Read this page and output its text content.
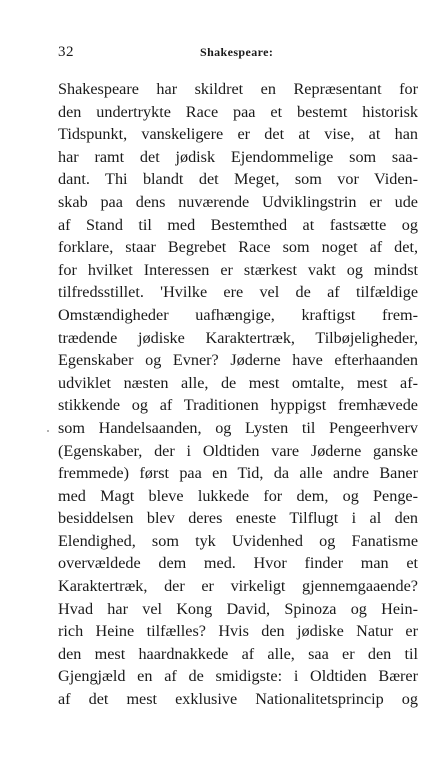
32	Shakespeare:

Shakespeare har skildret en Repræsentant for
den undertrykte Race paa et bestemt historisk
Tidspunkt, vanskeligere er det at vise, at han
har ramt det jødisk Ejendommelige som saa-
dant. Thi blandt det Meget, som vor Viden-
skab paa dens nuværende Udviklingstrin er ude
af Stand til med Bestemthed at fastsætte og
forklare, staar Begrebet Race som noget af det,
for hvilket Interessen er stærkest vakt og mindst
tilfredsstillet. 'Hvilke ere vel de af tilfældige
Omstændigheder uafhængige, kraftigst frem-
trædende jødiske Karaktertræk, Tilbøjeligheder,
Egenskaber og Evner? Jøderne have efterhaanden
udviklet næsten alle, de mest omtalte, mest af-
stikkende og af Traditionen hyppigst fremhævede
som Handelsaanden, og Lysten til Pengeerhverv
(Egenskaber, der i Oldtiden vare Jøderne ganske
fremmede) først paa en Tid, da alle andre Baner
med Magt bleve lukkede for dem, og Penge-
besiddelsen blev deres eneste Tilflugt i al den
Elendighed, som tyk Uvidenhed og Fanatisme
overvældede dem med. Hvor finder man et
Karaktertræk, der er virkeligt gjennemgaaende?
Hvad har vel Kong David, Spinoza og Hein-
rich Heine tilfælles? Hvis den jødiske Natur er
den mest haardnakkede af alle, saa er den til
Gjengjæld en af de smidigste: i Oldtiden Bærer
af det mest exklusive Nationalitetsprincip og
